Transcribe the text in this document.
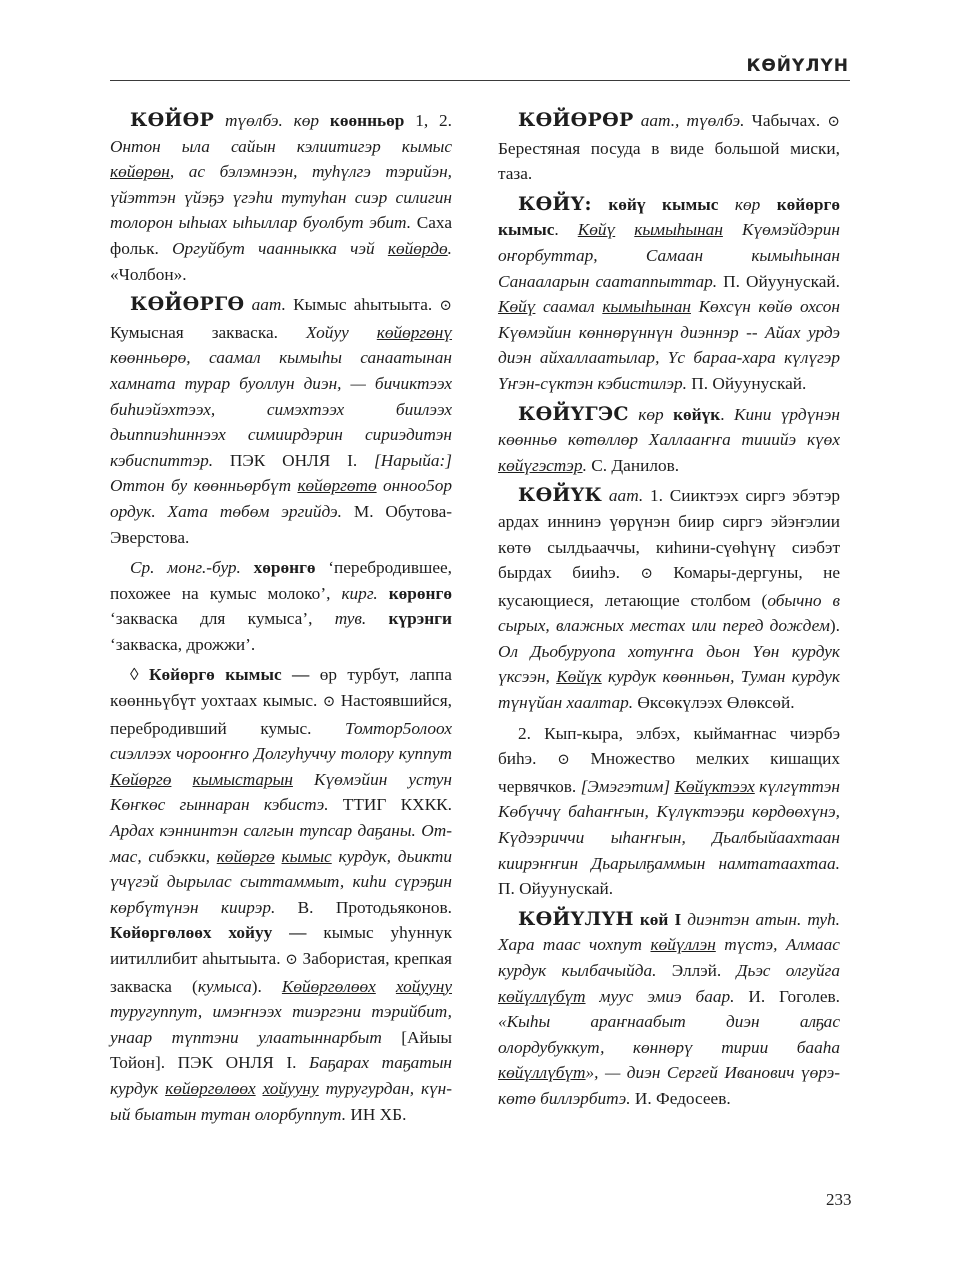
КӨЙҮЛҮН

КӨЙӨР түөлбэ. көр көөнньөр 1, 2. Онтон ыла сайын кэлиитигэр кымыс көйөрөн, ас бэлэмнээн, туһүлгэ тэрийэн, үйэттэн үйэҕэ үгэһи тутуһан сиэр силигин толорон ыһыах ыһыллар буолбут эбит. Саха фольк. Оргуйбут чаанныкка чэй көйөрдө. «Чолбон».

КӨЙӨРГӨ аат. Кымыс аһытыыта. ⊙ Кумысная закваска. Хойуу көйөргөнү көөнньөрө, саамал кымыһы санаатынан хамната турар буоллун диэн, — бичиктээх биһиэйэхтээх, симэхтээх биилээх дьиппиэһиннээх симиирдэрин сириэдитэн кэбиспиттэр. ПЭК ОНЛЯ I. [Нарыйа:] Оттон бу көөнньөрбүт көйөргөтө онноо5ор ордук. Хата төбөм эргийдэ. М. Обутова-Эверстова.

Ср. монг.-бур. хөрөнгө ‘перебродившее, похожее на кумыс молоко’, кирг. көрөнгө ‘закваска для кумыса’, тув. күрэнги ‘закваска, дрожжи’.

◊ Көйөргө кымыс — өр турбут, лаппа көөнньүбүт уохтаах кымыс. ⊙ Настоявшийся, перебродивший кумыс. Томтор5олоох сиэллээх чорооҥҥо Долгуһуччу толору куппут Көйөргө кымыстарын Күөмэйин устун Көҥкөс гыннаран кэбистэ. ТТИГ КХКК. Ардах кэннинтэн салгын тупсар даҕаны. От-мас, сибэкки, көйөргө кымыс курдук, дьикти үчүгэй дырылас сыттаммыт, киһи сүрэҕин көрбүтүнэн киирэр. В. Протодьяконов. Көйөргөлөөх хойуу — кымыс уһуннук иитиллибит аһытыыта. ⊙ Забористая, крепкая закваска (кумыса). Көйөргөлөөх хойууну туругуппут, имэҥнээх тиэргэни тэрийбит, унаар түптэни улаатыннарбыт [Айыы Тойон]. ПЭК ОНЛЯ I. Баҕарах таҕатын курдук көйөргөлөөх хойууну туругурдан, күн-ый быатын тутан олорбуппут. ИН ХБ.

КӨЙӨРӨР аат., түөлбэ. Чабычах. ⊙ Берестяная посуда в виде большой миски, таза.

КӨЙҮ: көйү кымыс көр көйөргө кымыс. Көйү кымыһынан Күөмэйдэрин оҥорбуттар, Самаан кымыһынан Санааларын саатаппыттар. П. Ойуунускай. Көйү саамал кымыһынан Көхсүн көйө охсон Күөмэйин көннөрүннүн диэннэр -- Айах урдэ диэн айхаллаатылар, Үс бараа-хара күлүгэр Үҥэн-сүктэн кэбистилэр. П. Ойуунускай.

КӨЙҮГЭС көр көйүк. Кини үрдүнэн көөнньө көтөллөр Халлааҥҥа тииийэ күөх көйүгэстэр. С. Данилов.

КӨЙҮК аат. 1. Сииктээх сиргэ эбэтэр ардах иннинэ үөрүнэн биир сиргэ эйэҥэлии көтө сылдьааччы, киһини-сүөһүнү сиэбэт бырдах бииһэ. ⊙ Комары-дергуны, не кусающиеся, летающие столбом (обычно в сырых, влажных местах или перед дождем). Ол Дьобуруопа хотуҥҥа дьон Үөн курдук үксээн, Көйүк курдук көөнньөн, Туман курдук түнүйан хаалтар. Өксөкүлээх Өлөксөй.

2. Кып-кыра, элбэх, кыймаҥнас чиэрбэ биһэ. ⊙ Множество мелких кишащих червячков. [Эмэгэтим] Көйүктээх күлгүттэн Көбүччү баһаҥҥын, Күлүктээҕи көрдөөхүнэ, Күдээриччи ыһаҥҥын, Дьалбыйаахтаан киирэҥҥин Дьарылҕаммын намтатаахтаа. П. Ойуунускай.

КӨЙҮЛҮН көй I диэнтэн атын. туһ. Хара таас чохпут көйүллэн түстэ, Алмаас курдук кылбачыйда. Эллэй. Дьэс олгуйга көйүллүбүт муус эмиэ баар. И. Гоголев. «Кыһы араҥнаабыт диэн алҕас олордубуккут, көннөрү тирии бааһа көйүллүбүт», — диэн Сергей Иванович үөрэ-көтө биллэрбитэ. И. Федосеев.

233
